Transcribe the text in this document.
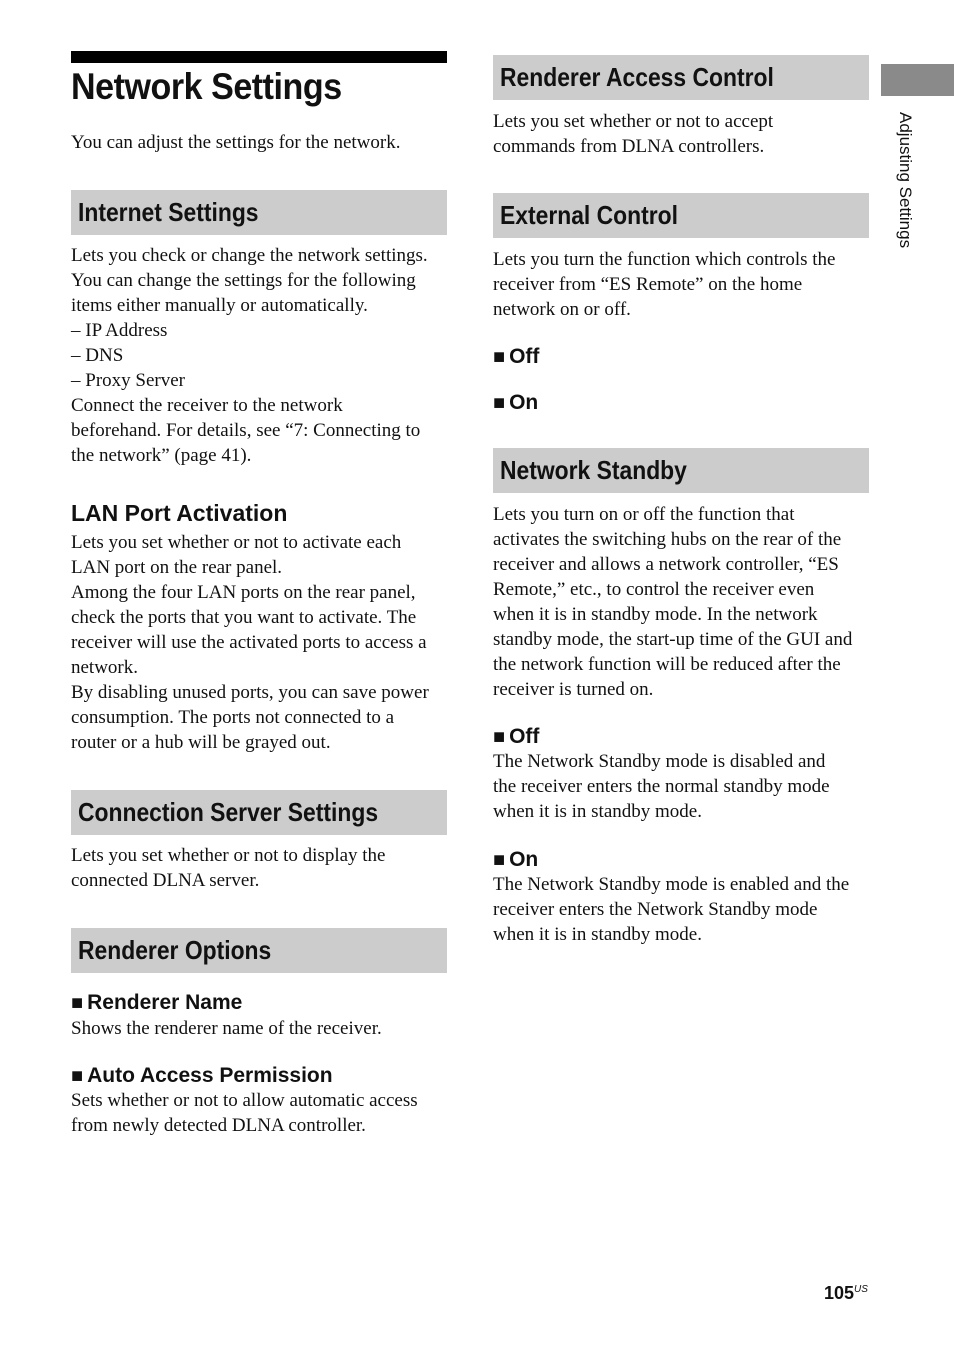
Network Settings

You can adjust the settings for the network.

Internet Settings

Lets you check or change the network settings.

You can change the settings for the following

items either manually or automatically.

– IP Address

– DNS

– Proxy Server

Connect the receiver to the network

beforehand. For details, see “7: Connecting to

the network” (page 41).

LAN Port Activation

Lets you set whether or not to activate each

LAN port on the rear panel.

Among the four LAN ports on the rear panel,

check the ports that you want to activate. The

receiver will use the activated ports to access a

network.

By disabling unused ports, you can save power

consumption. The ports not connected to a

router or a hub will be grayed out.

Connection Server Settings

Lets you set whether or not to display the

connected DLNA server.

Renderer Options
■ Renderer Name

Shows the renderer name of the receiver.

■ Auto Access Permission

Sets whether or not to allow automatic access

from newly detected DLNA controller.

Renderer Access Control

Lets you set whether or not to accept

commands from DLNA controllers.

External Control

Lets you turn the function which controls the

receiver from “ES Remote” on the home

network on or off.

■ Off
■ On
Network Standby

Lets you turn on or off the function that

activates the switching hubs on the rear of the

receiver and allows a network controller, “ES

Remote,” etc., to control the receiver even

when it is in standby mode. In the network

standby mode, the start-up time of the GUI and

the network function will be reduced after the

receiver is turned on.

■ Off

The Network Standby mode is disabled and

the receiver enters the normal standby mode

when it is in standby mode.

■ On

The Network Standby mode is enabled and the

receiver enters the Network Standby mode

when it is in standby mode.

Adjusting Settings
$105^{US}$
